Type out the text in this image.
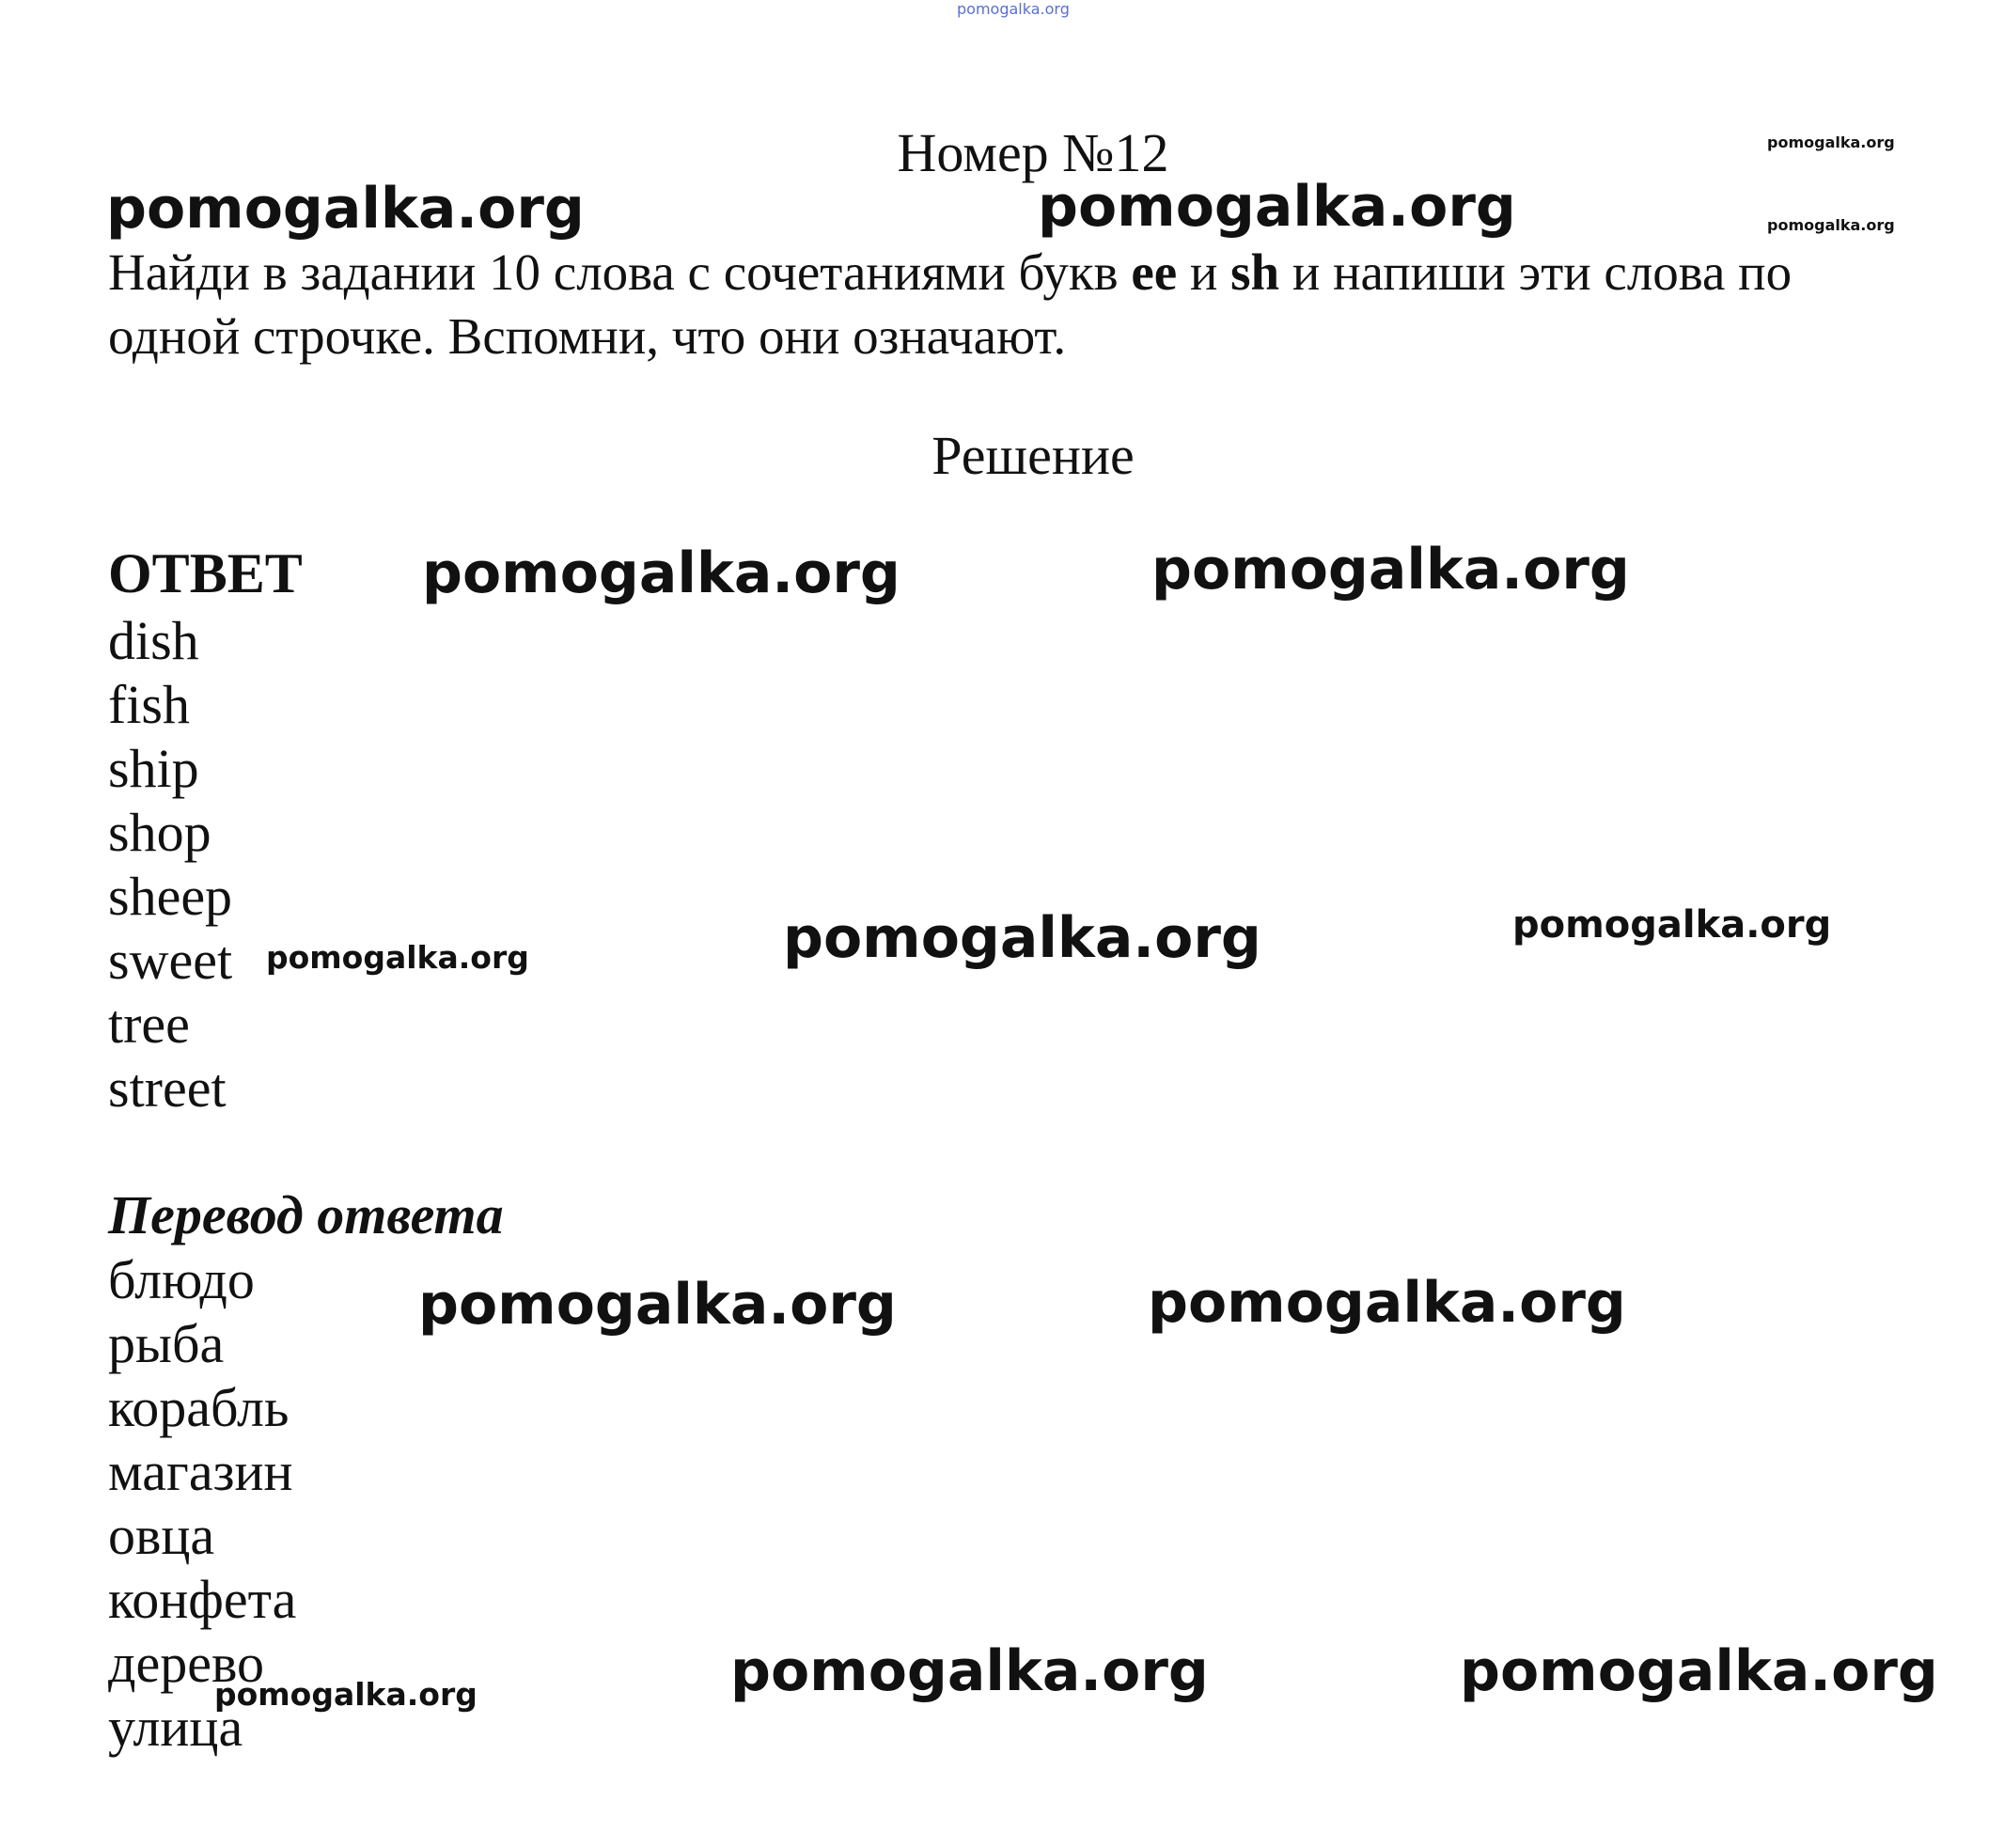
pomogalka.org
Номер №12	pomogalka.org
pomogalka.org
pomogalka.org	pomogalka.org
Найди в задании 10 слова с сочетаниями букв ee и sh и напиши эти слова по одной строчке. Вспомни, что они означают.
Решение
ОТВЕТ pomogalka.org	pomogalka.org
dish
fish
ship
shop
sheep
sweet
tree
street
pomogalka.org	pomogalka.org	pomogalka.org
Перевод ответа
блюдо
рыба
корабль
магазин
овца
конфета
дерево
улица
pomogalka.org	pomogalka.org
pomogalka.org	pomogalka.org
pomogalka.org
